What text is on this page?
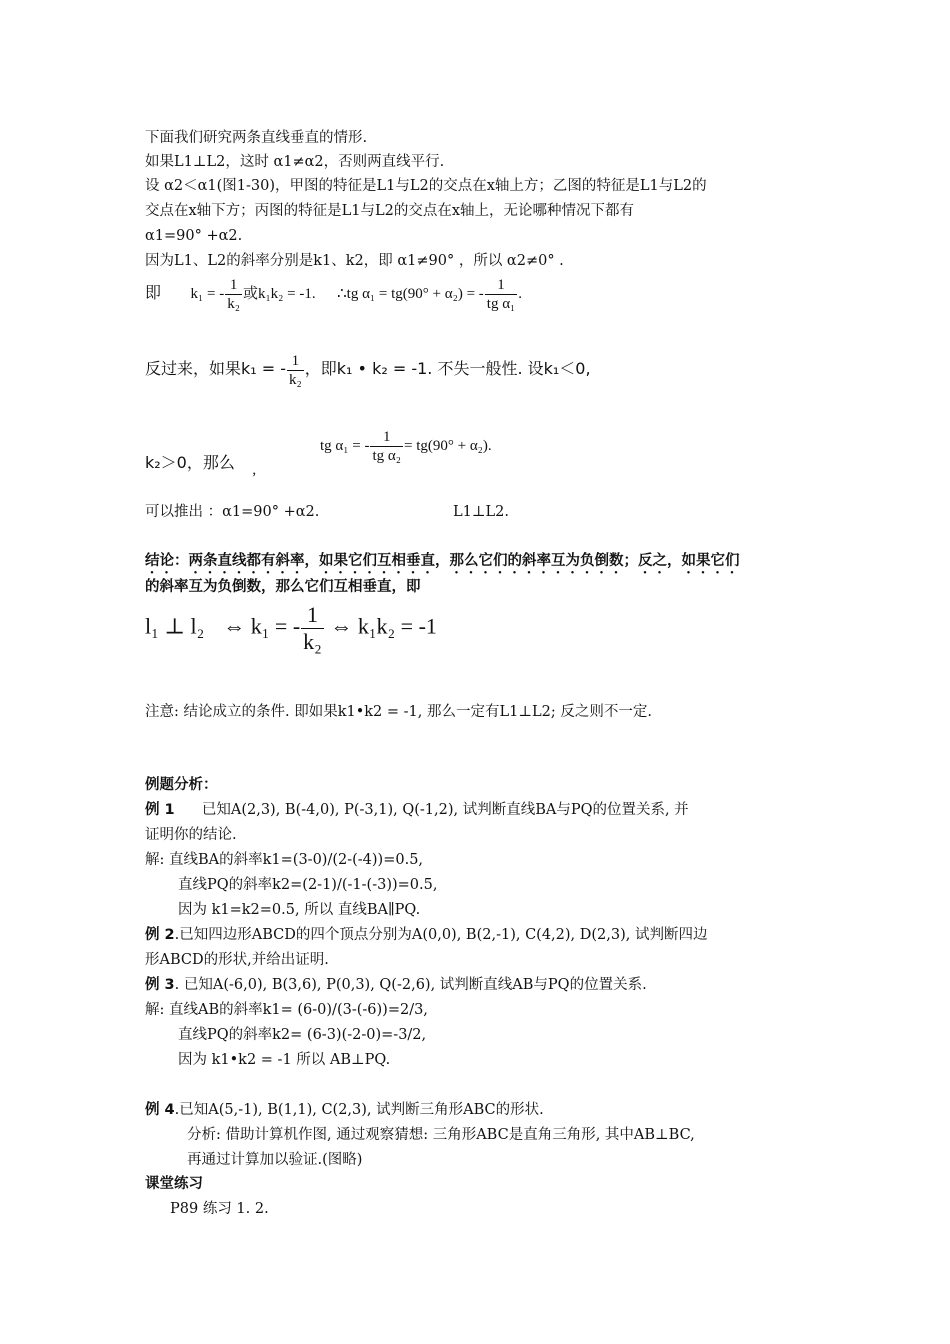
下面我们研究两条直线垂直的情形.
如果L1⊥L2，这时 α1≠α2，否则两直线平行.
设 α2＜α1(图1-30)，甲图的特征是L1与L2的交点在x轴上方；乙图的特征是L1与L2的
交点在x轴下方；丙图的特征是L1与L2的交点在x轴上，无论哪种情况下都有
α1=90° +α2.
因为L1、L2的斜率分别是k1、k2，即 α1≠90° ，所以 α2≠0° .
即 k₁ = - $\frac{1}{\text{k₂}}$ 或k₁k₂ = -1. ∴tg α₁ = tg(90° + α₂) = - $\frac{1}{\text{tg α₁}}$ .
反过来，如果k₁ = - $\frac{1}{\text{k₂}}$ ，即k₁ • k₂ = -1. 不失一般性. 设k₁＜0,
k₂＞0，那么 ,
tg α₁ = - $\frac{1}{\text{tg α₂}} = tg(90^\circ + \alpha_2)$.
可以推出 ：α1=90° +α2.	L1⊥L2.
结论：两条直线都有斜率，如果它们互相垂直，那么它们的斜率互为负倒数；反之，如果它们
的斜率互为负倒数，那么它们互相垂直，即
l₁ ⊥ l₂ ⇔ k₁ = - $\frac{1}{\text{k₂}}$ ⇔ k₁k₂ = -1
注意: 结论成立的条件. 即如果k1•k2 = -1, 那么一定有L1⊥L2; 反之则不一定.
例题分析：
例 1 已知A(2,3), B(-4,0), P(-3,1), Q(-1,2), 试判断直线BA与PQ的位置关系, 并
证明你的结论.
解: 直线BA的斜率k1=(3-0)/(2-(-4))=0.5,
直线PQ的斜率k2=(2-1)/(-1-(-3))=0.5,
因为 k1=k2=0.5, 所以 直线BA∥PQ.
例 2.已知四边形ABCD的四个顶点分别为A(0,0), B(2,-1), C(4,2), D(2,3), 试判断四边
形ABCD的形状,并给出证明.
例 3. 已知A(-6,0), B(3,6), P(0,3), Q(-2,6), 试判断直线AB与PQ的位置关系.
解: 直线AB的斜率k1= (6-0)/(3-(-6))=2/3,
直线PQ的斜率k2= (6-3)(-2-0)=-3/2,
因为 k1•k2 = -1 所以 AB⊥PQ.
例 4.已知A(5,-1), B(1,1), C(2,3), 试判断三角形ABC的形状.
分析: 借助计算机作图, 通过观察猜想: 三角形ABC是直角三角形, 其中AB⊥BC,
再通过计算加以验证.(图略)
课堂练习
P89 练习 1. 2.
